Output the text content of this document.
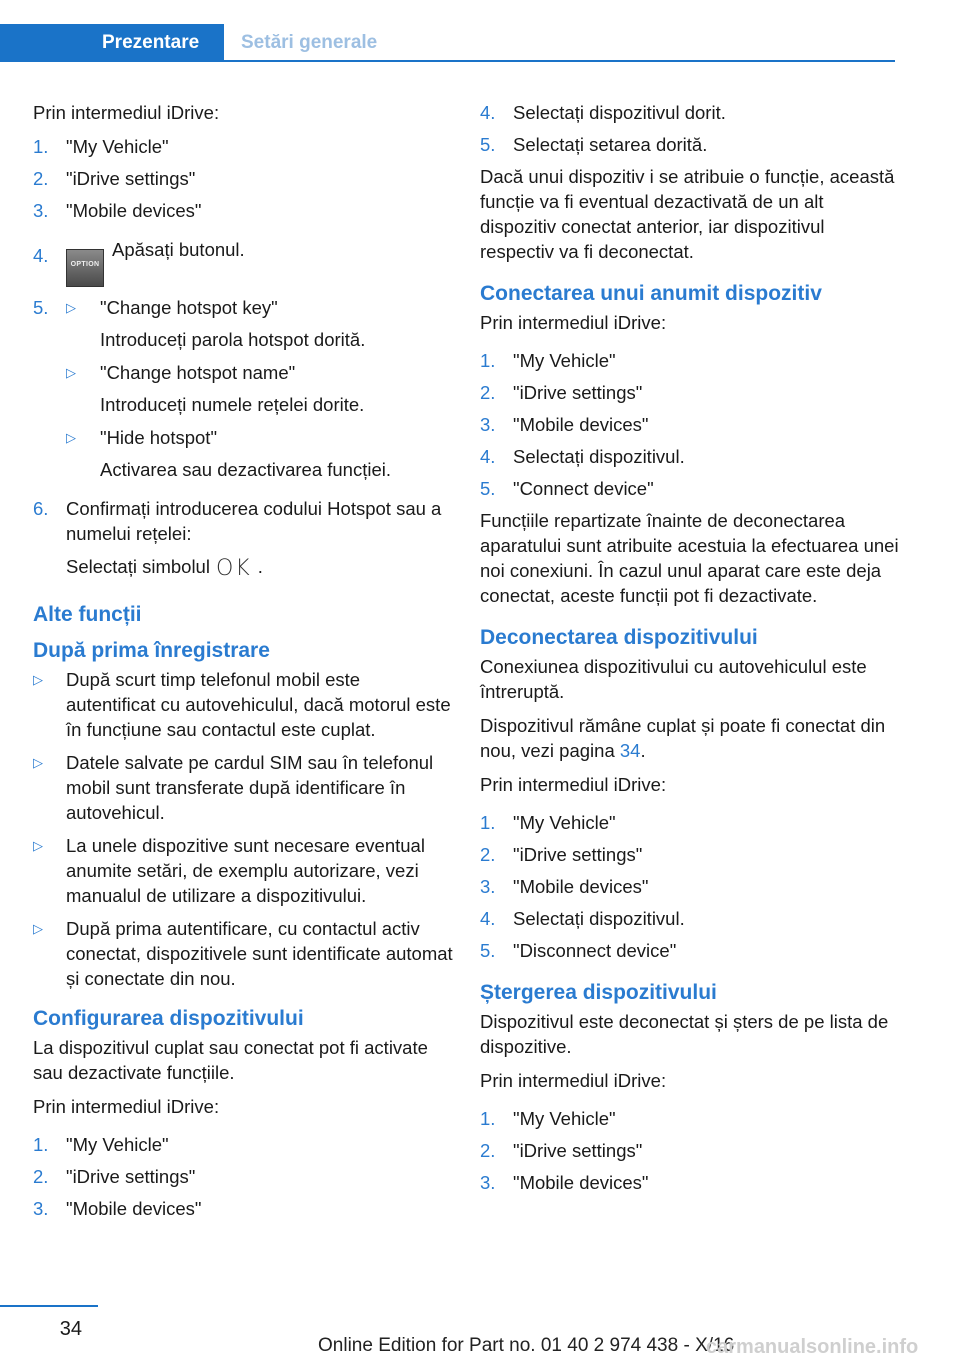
Prezentare	Setări generale

Prin intermediul iDrive:

1. "My Vehicle"
2. "iDrive settings"
3. "Mobile devices"
4.	OPTIONApăsați butonul.
5.	▷	"Change hotspot key"
Introduceți parola hotspot dorită.
▷	"Change hotspot name"
Introduceți numele rețelei dorite.
▷	"Hide hotspot"
Activarea sau dezactivarea funcției.
6. Confirmați introducerea codului Hotspot sau a numelui rețelei:
Selectați simbolul OK .
Alte funcții
După prima înregistrare
▷	După scurt timp telefonul mobil este autentificat cu autovehiculul, dacă motorul este în funcțiune sau contactul este cuplat.
▷	Datele salvate pe cardul SIM sau în telefonul mobil sunt transferate după identificare în autovehicul.
▷	La unele dispozitive sunt necesare eventual anumite setări, de exemplu autorizare, vezi manualul de utilizare a dispozitivului.
▷	După prima autentificare, cu contactul activ conectat, dispozitivele sunt identificate automat și conectate din nou.
Configurarea dispozitivului

La dispozitivul cuplat sau conectat pot fi activate sau dezactivate funcțiile.

Prin intermediul iDrive:

1. "My Vehicle"
2. "iDrive settings"
3. "Mobile devices"
4. Selectați dispozitivul dorit.
5. Selectați setarea dorită.

Dacă unui dispozitiv i se atribuie o funcție, această funcție va fi eventual dezactivată de un alt dispozitiv conectat anterior, iar dispozitivul respectiv va fi deconectat.

Conectarea unui anumit dispozitiv

Prin intermediul iDrive:

1. "My Vehicle"
2. "iDrive settings"
3. "Mobile devices"
4. Selectați dispozitivul.
5. "Connect device"

Funcțiile repartizate înainte de deconectarea aparatului sunt atribuite acestuia la efectuarea unei noi conexiuni. În cazul unul aparat care este deja conectat, aceste funcții pot fi dezactivate.

Deconectarea dispozitivului

Conexiunea dispozitivului cu autovehiculul este întreruptă.

Dispozitivul rămâne cuplat și poate fi conectat din nou, vezi pagina 34.

Prin intermediul iDrive:

1. "My Vehicle"
2. "iDrive settings"
3. "Mobile devices"
4. Selectați dispozitivul.
5. "Disconnect device"
Ștergerea dispozitivului

Dispozitivul este deconectat și șters de pe lista de dispozitive.

Prin intermediul iDrive:

1. "My Vehicle"
2. "iDrive settings"
3. "Mobile devices"
34
Online Edition for Part no. 01 40 2 974 438 - X/16
carmanualsonline.info
